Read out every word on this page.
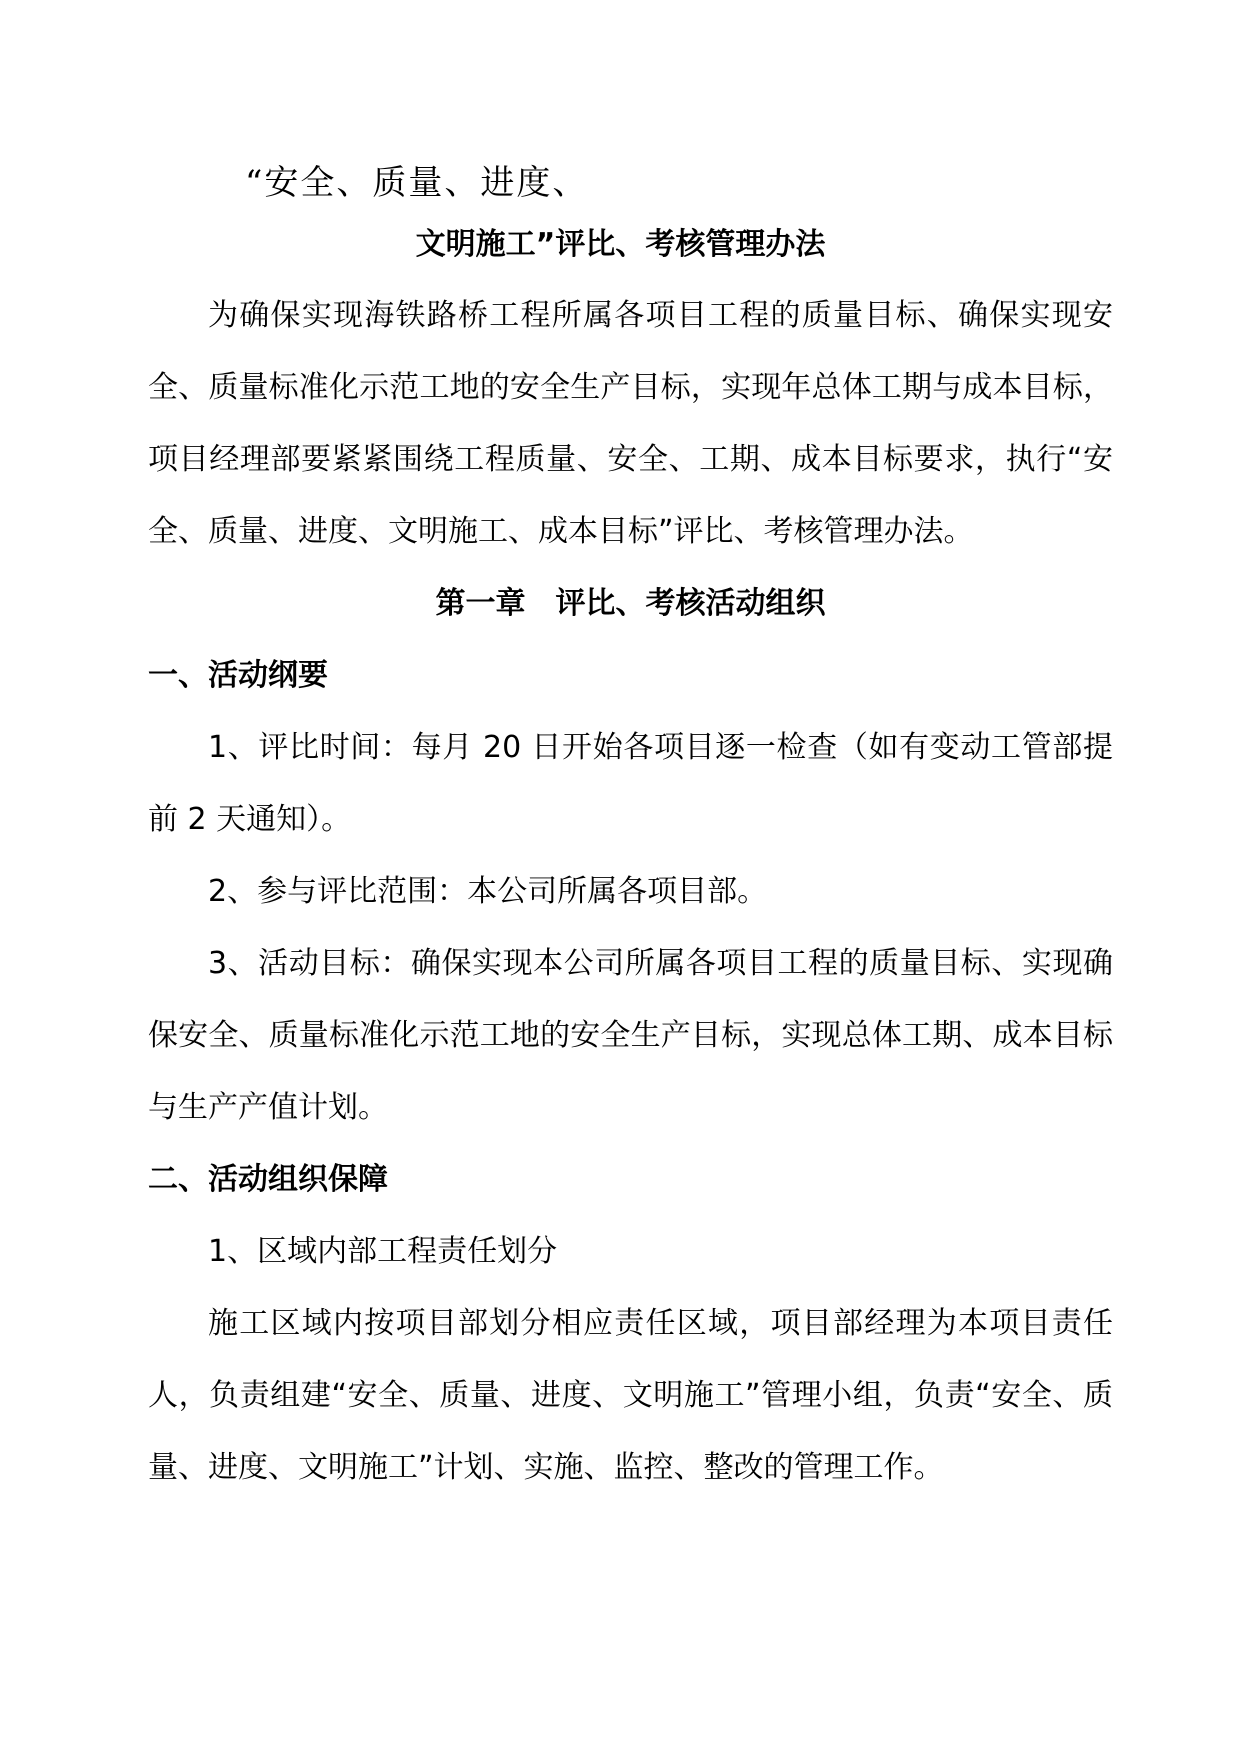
“安全、质量、进度、
文明施工”评比、考核管理办法

为确保实现海铁路桥工程所属各项目工程的质量目标、确保实现安全、质量标准化示范工地的安全生产目标，实现年总体工期与成本目标，项目经理部要紧紧围绕工程质量、安全、工期、成本目标要求，执行“安全、质量、进度、文明施工、成本目标”评比、考核管理办法。

第一章　评比、考核活动组织

一、活动纲要

1、评比时间：每月 20 日开始各项目逐一检查（如有变动工管部提前 2 天通知）。

2、参与评比范围：本公司所属各项目部。

3、活动目标：确保实现本公司所属各项目工程的质量目标、实现确保安全、质量标准化示范工地的安全生产目标，实现总体工期、成本目标与生产产值计划。

二、活动组织保障

1、区域内部工程责任划分

施工区域内按项目部划分相应责任区域，项目部经理为本项目责任人，负责组建“安全、质量、进度、文明施工”管理小组，负责“安全、质量、进度、文明施工”计划、实施、监控、整改的管理工作。
